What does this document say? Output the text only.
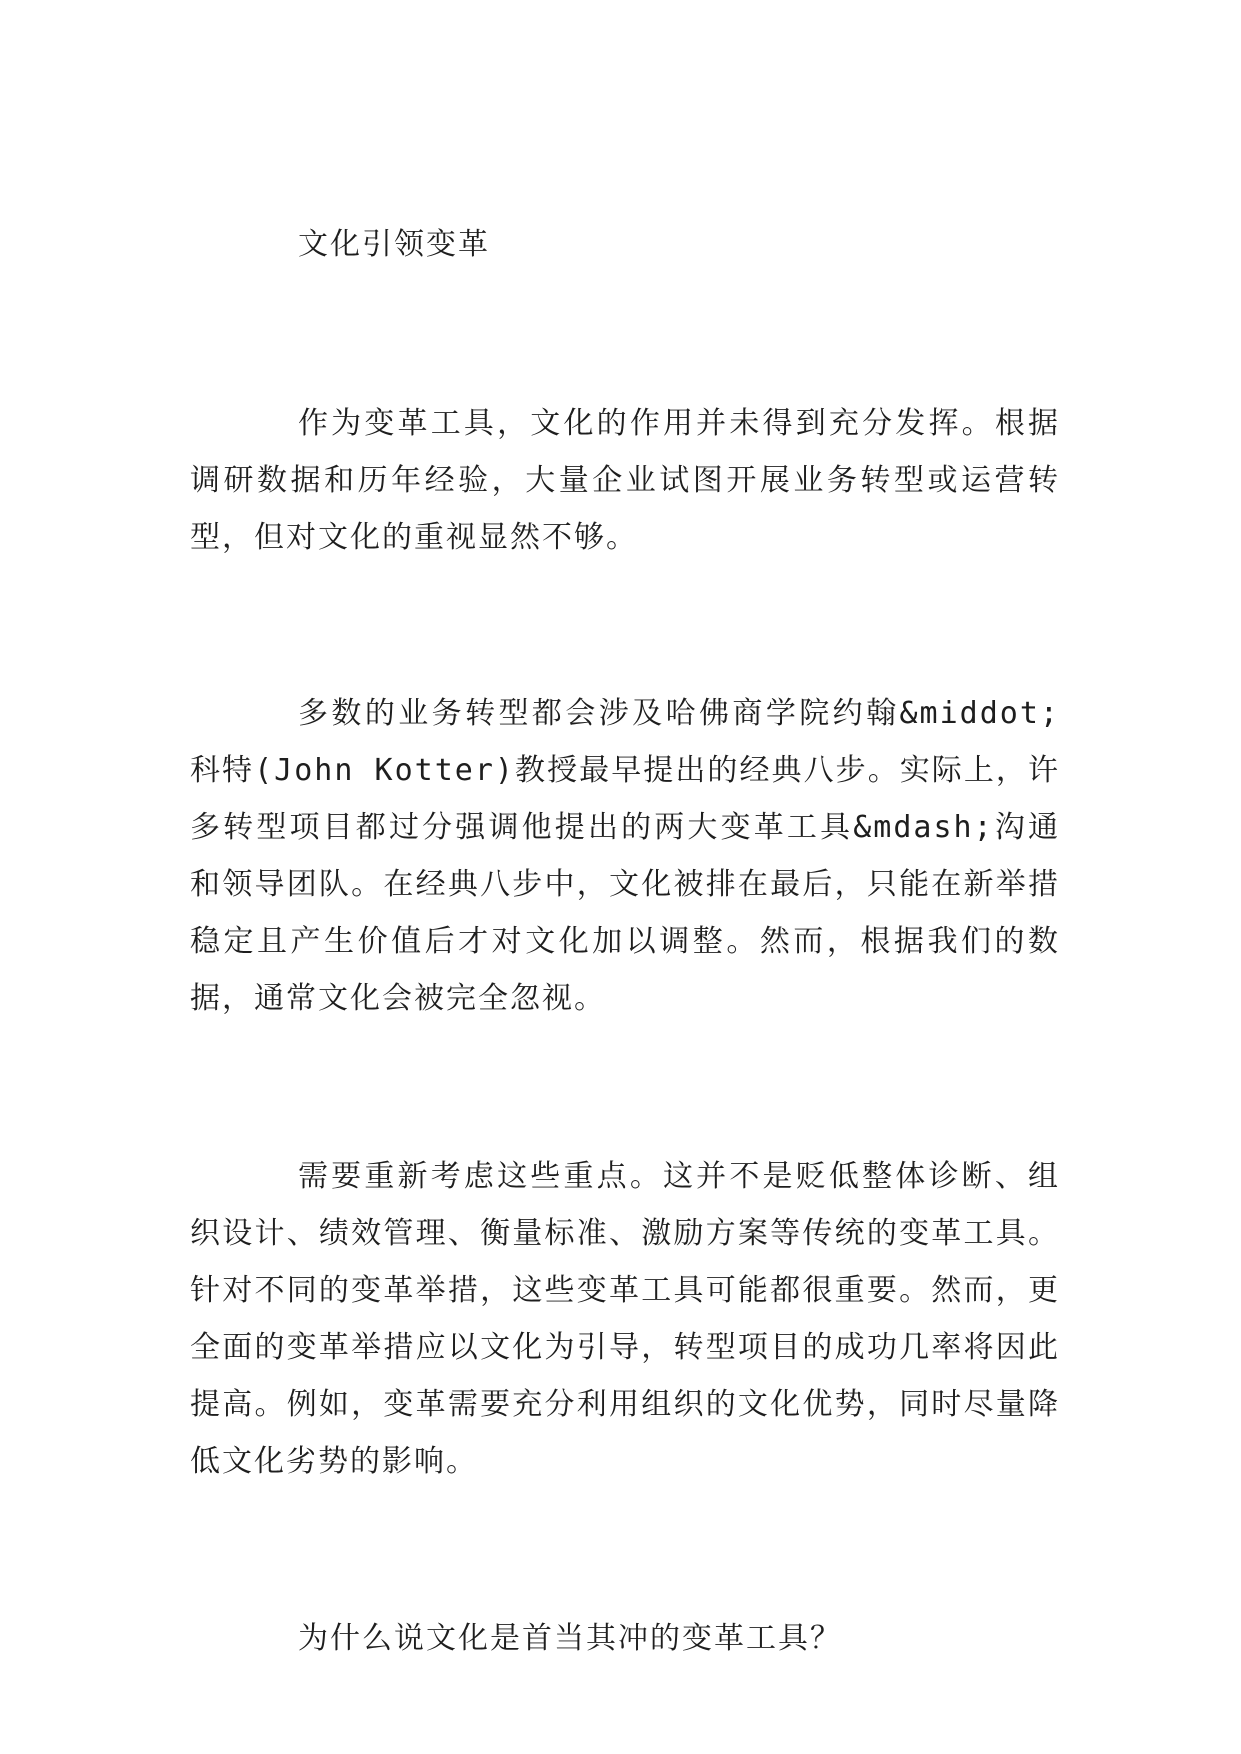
文化引领变革

作为变革工具，文化的作用并未得到充分发挥。根据调研数据和历年经验，大量企业试图开展业务转型或运营转型，但对文化的重视显然不够。

多数的业务转型都会涉及哈佛商学院约翰&middot;科特(John Kotter)教授最早提出的经典八步。实际上，许多转型项目都过分强调他提出的两大变革工具&mdash;沟通和领导团队。在经典八步中，文化被排在最后，只能在新举措稳定且产生价值后才对文化加以调整。然而，根据我们的数据，通常文化会被完全忽视。

需要重新考虑这些重点。这并不是贬低整体诊断、组织设计、绩效管理、衡量标准、激励方案等传统的变革工具。针对不同的变革举措，这些变革工具可能都很重要。然而，更全面的变革举措应以文化为引导，转型项目的成功几率将因此提高。例如，变革需要充分利用组织的文化优势，同时尽量降低文化劣势的影响。

为什么说文化是首当其冲的变革工具？
